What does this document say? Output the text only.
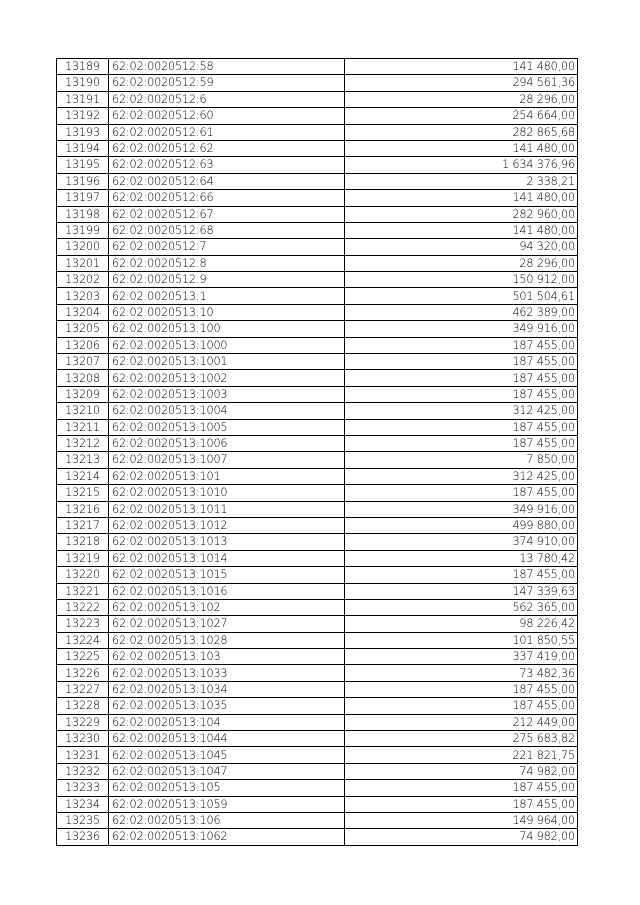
13189	62:02:0020512:58	141 480,00
13190	62:02:0020512:59	294 561,36
13191	62:02:0020512:6	28 296,00
13192	62:02:0020512:60	254 664,00
13193	62:02:0020512:61	282 865,68
13194	62:02:0020512:62	141 480,00
13195	62:02:0020512:63	1 634 376,96
13196	62:02:0020512:64	2 338,21
13197	62:02:0020512:66	141 480,00
13198	62:02:0020512:67	282 960,00
13199	62:02:0020512:68	141 480,00
13200	62:02:0020512:7	94 320,00
13201	62:02:0020512:8	28 296,00
13202	62:02:0020512:9	150 912,00
13203	62:02:0020513:1	501 504,61
13204	62:02:0020513:10	462 389,00
13205	62:02:0020513:100	349 916,00
13206	62:02:0020513:1000	187 455,00
13207	62:02:0020513:1001	187 455,00
13208	62:02:0020513:1002	187 455,00
13209	62:02:0020513:1003	187 455,00
13210	62:02:0020513:1004	312 425,00
13211	62:02:0020513:1005	187 455,00
13212	62:02:0020513:1006	187 455,00
13213	62:02:0020513:1007	7 850,00
13214	62:02:0020513:101	312 425,00
13215	62:02:0020513:1010	187 455,00
13216	62:02:0020513:1011	349 916,00
13217	62:02:0020513:1012	499 880,00
13218	62:02:0020513:1013	374 910,00
13219	62:02:0020513:1014	13 780,42
13220	62:02:0020513:1015	187 455,00
13221	62:02:0020513:1016	147 339,63
13222	62:02:0020513:102	562 365,00
13223	62:02:0020513:1027	98 226,42
13224	62:02:0020513:1028	101 850,55
13225	62:02:0020513:103	337 419,00
13226	62:02:0020513:1033	73 482,36
13227	62:02:0020513:1034	187 455,00
13228	62:02:0020513:1035	187 455,00
13229	62:02:0020513:104	212 449,00
13230	62:02:0020513:1044	275 683,82
13231	62:02:0020513:1045	221 821,75
13232	62:02:0020513:1047	74 982,00
13233	62:02:0020513:105	187 455,00
13234	62:02:0020513:1059	187 455,00
13235	62:02:0020513:106	149 964,00
13236	62:02:0020513:1062	74 982,00
